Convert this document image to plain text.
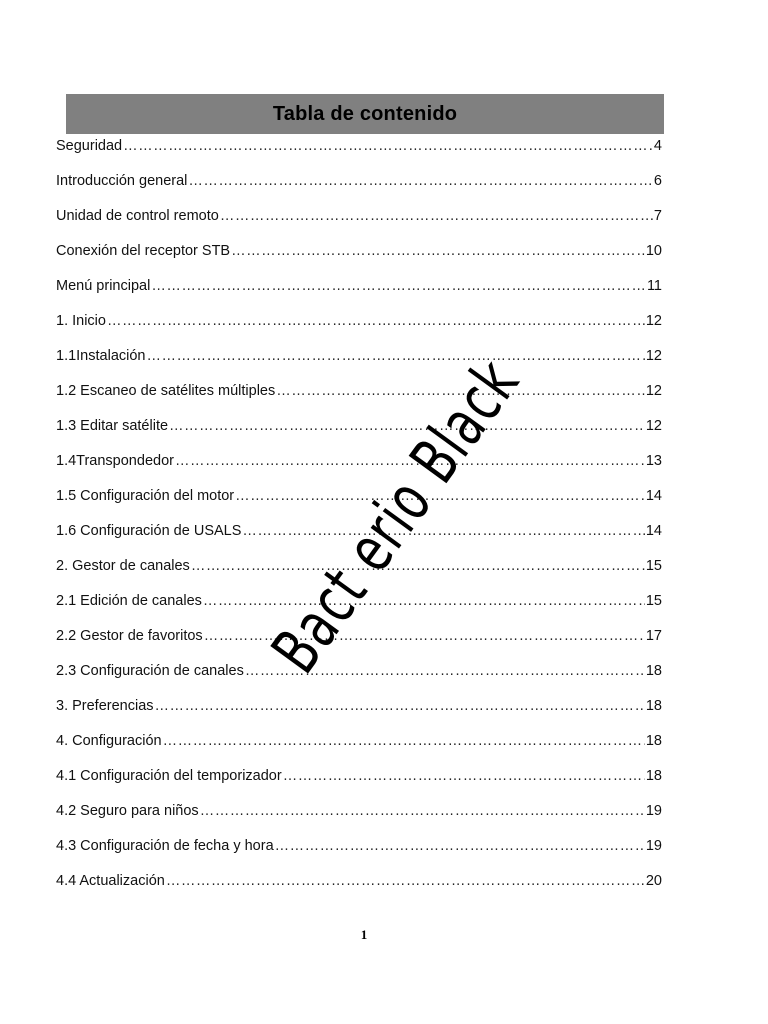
Tabla de contenido
Seguridad ………………………………………………………………………………………………………………………………………………………………………………	4
Introducción general ………………………………………………………………………………………………………………………………………………………………………………	6
Unidad de control remoto ………………………………………………………………………………………………………………………………………………………………………………	.7
Conexión del receptor STB ………………………………………………………………………………………………………………………………………………………………………………	10
Menú principal ………………………………………………………………………………………………………………………………………………………………………………	11
1. Inicio ………………………………………………………………………………………………………………………………………………………………………………	12
1.1Instalación ………………………………………………………………………………………………………………………………………………………………………………	12
1.2 Escaneo de satélites múltiples ………………………………………………………………………………………………………………………………………………………………………………	12
1.3 Editar satélite ………………………………………………………………………………………………………………………………………………………………………………	12
1.4Transpondedor ………………………………………………………………………………………………………………………………………………………………………………	13
1.5 Configuración del motor ………………………………………………………………………………………………………………………………………………………………………………	14
1.6 Configuración de USALS ………………………………………………………………………………………………………………………………………………………………………………	14
2. Gestor de canales ………………………………………………………………………………………………………………………………………………………………………………	15
2.1 Edición de canales ………………………………………………………………………………………………………………………………………………………………………………	15
2.2 Gestor de favoritos ………………………………………………………………………………………………………………………………………………………………………………	17
2.3 Configuración de canales ………………………………………………………………………………………………………………………………………………………………………………	18
3. Preferencias ………………………………………………………………………………………………………………………………………………………………………………	18
4. Configuración ………………………………………………………………………………………………………………………………………………………………………………	18
4.1 Configuración del temporizador ………………………………………………………………………………………………………………………………………………………………………………	18
4.2 Seguro para niños ………………………………………………………………………………………………………………………………………………………………………………	19
4.3 Configuración de fecha y hora ………………………………………………………………………………………………………………………………………………………………………………	19
4.4 Actualización ………………………………………………………………………………………………………………………………………………………………………………	20
Bact erio Black
1
